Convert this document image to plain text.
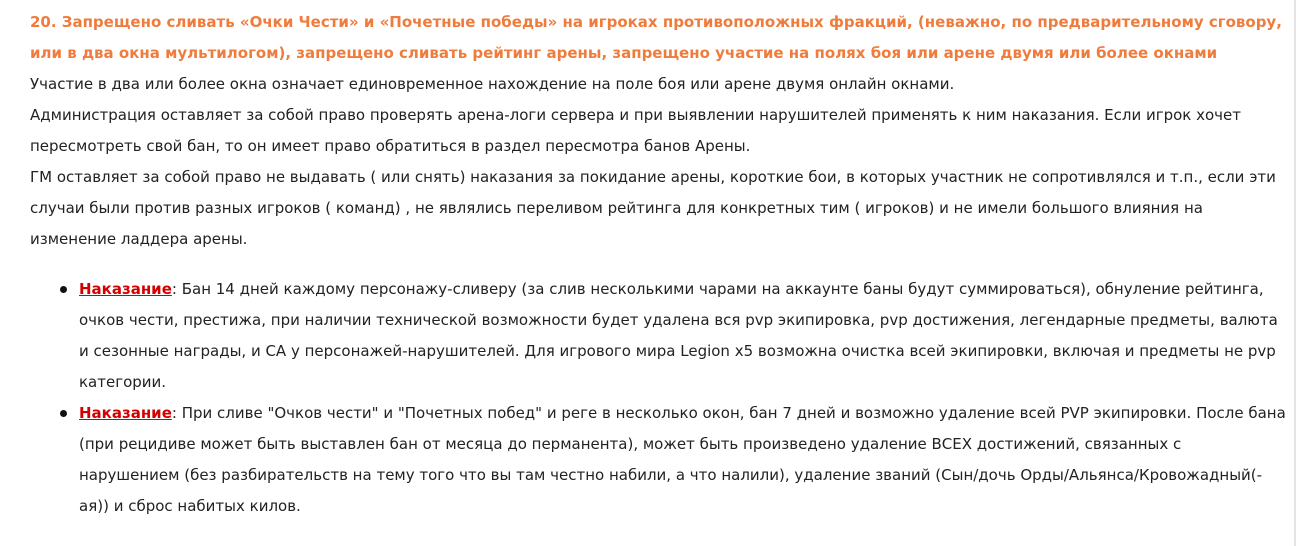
20. Запрещено сливать «Очки Чести» и «Почетные победы» на игроках противоположных фракций, (неважно, по предварительному сговору, или в два окна мультилогом), запрещено сливать рейтинг арены, запрещено участие на полях боя или арене двумя или более окнами

Участие в два или более окна означает единовременное нахождение на поле боя или арене двумя онлайн окнами.

Администрация оставляет за собой право проверять арена-логи сервера и при выявлении нарушителей применять к ним наказания. Если игрок хочет пересмотреть свой бан, то он имеет право обратиться в раздел пересмотра банов Арены.

ГМ оставляет за собой право не выдавать ( или снять) наказания за покидание арены, короткие бои, в которых участник не сопротивлялся и т.п., если эти случаи были против разных игроков ( команд) , не являлись переливом рейтинга для конкретных тим ( игроков) и не имели большого влияния на изменение ладдера арены.

Наказание: Бан 14 дней каждому персонажу-сливеру (за слив несколькими чарами на аккаунте баны будут суммироваться), обнуление рейтинга, очков чести, престижа, при наличии технической возможности будет удалена вся pvp экипировка, pvp достижения, легендарные предметы, валюта и сезонные награды, и СА у персонажей-нарушителей. Для игрового мира Legion x5 возможна очистка всей экипировки, включая и предметы не pvp категории.
Наказание: При сливе "Очков чести" и "Почетных побед" и реге в несколько окон, бан 7 дней и возможно удаление всей PVP экипировки. После бана (при рецидиве может быть выставлен бан от месяца до перманента), может быть произведено удаление ВСЕХ достижений, связанных с нарушением (без разбирательств на тему того что вы там честно набили, а что налили), удаление званий (Сын/дочь Орды/Альянса/Кровожадный(-ая)) и сброс набитых килов.
